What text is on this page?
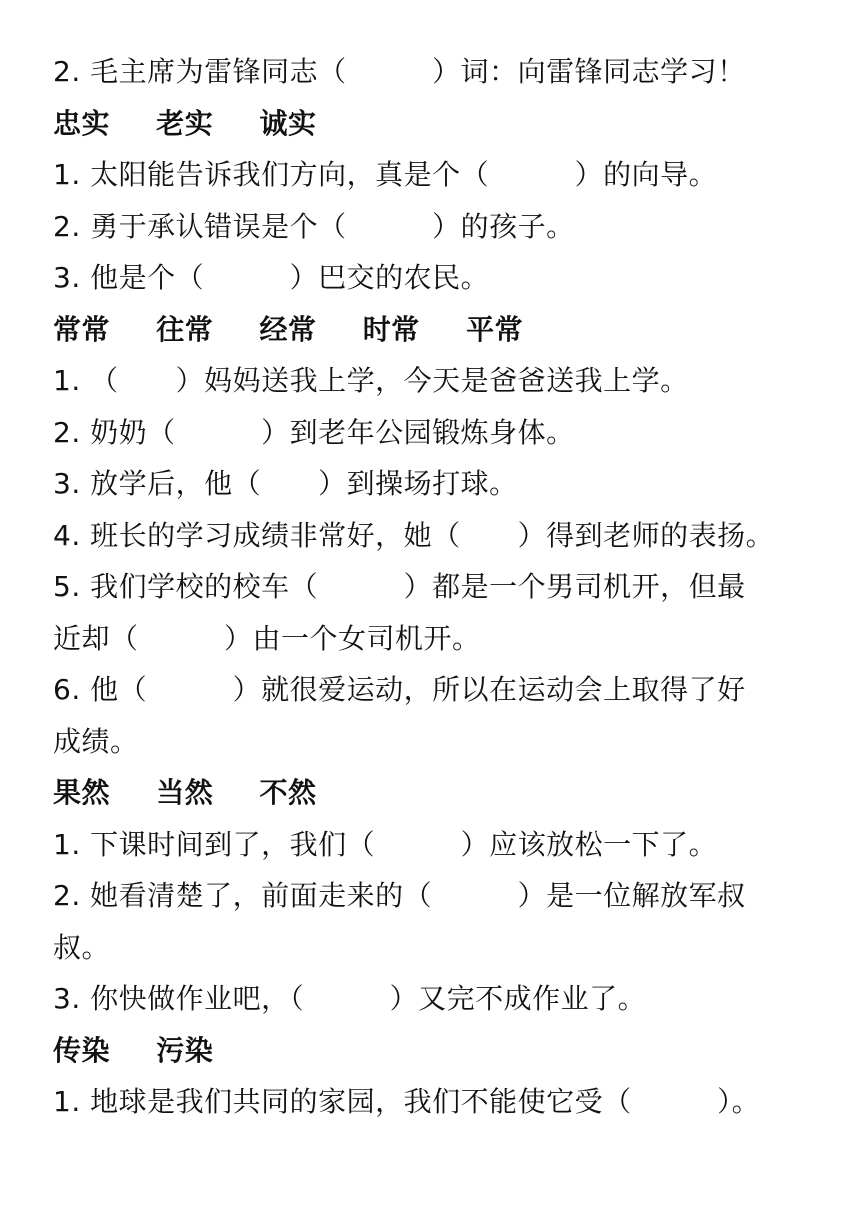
2. 毛主席为雷锋同志（　　　）词：向雷锋同志学习！
忠实 老实 诚实
1. 太阳能告诉我们方向，真是个（　　　）的向导。
2. 勇于承认错误是个（　　　）的孩子。
3. 他是个（　　　）巴交的农民。
常常 往常 经常 时常 平常
1. （　　）妈妈送我上学，今天是爸爸送我上学。
2. 奶奶（　　　）到老年公园锻炼身体。
3. 放学后，他（　　）到操场打球。
4. 班长的学习成绩非常好，她（　　）得到老师的表扬。
5. 我们学校的校车（　　　）都是一个男司机开，但最
近却（　　　）由一个女司机开。
6. 他（　　　）就很爱运动，所以在运动会上取得了好
成绩。
果然 当然 不然
1. 下课时间到了，我们（　　　）应该放松一下了。
2. 她看清楚了，前面走来的（　　　）是一位解放军叔
叔。
3. 你快做作业吧，（　　　）又完不成作业了。
传染 污染
1. 地球是我们共同的家园，我们不能使它受（　　　）。
